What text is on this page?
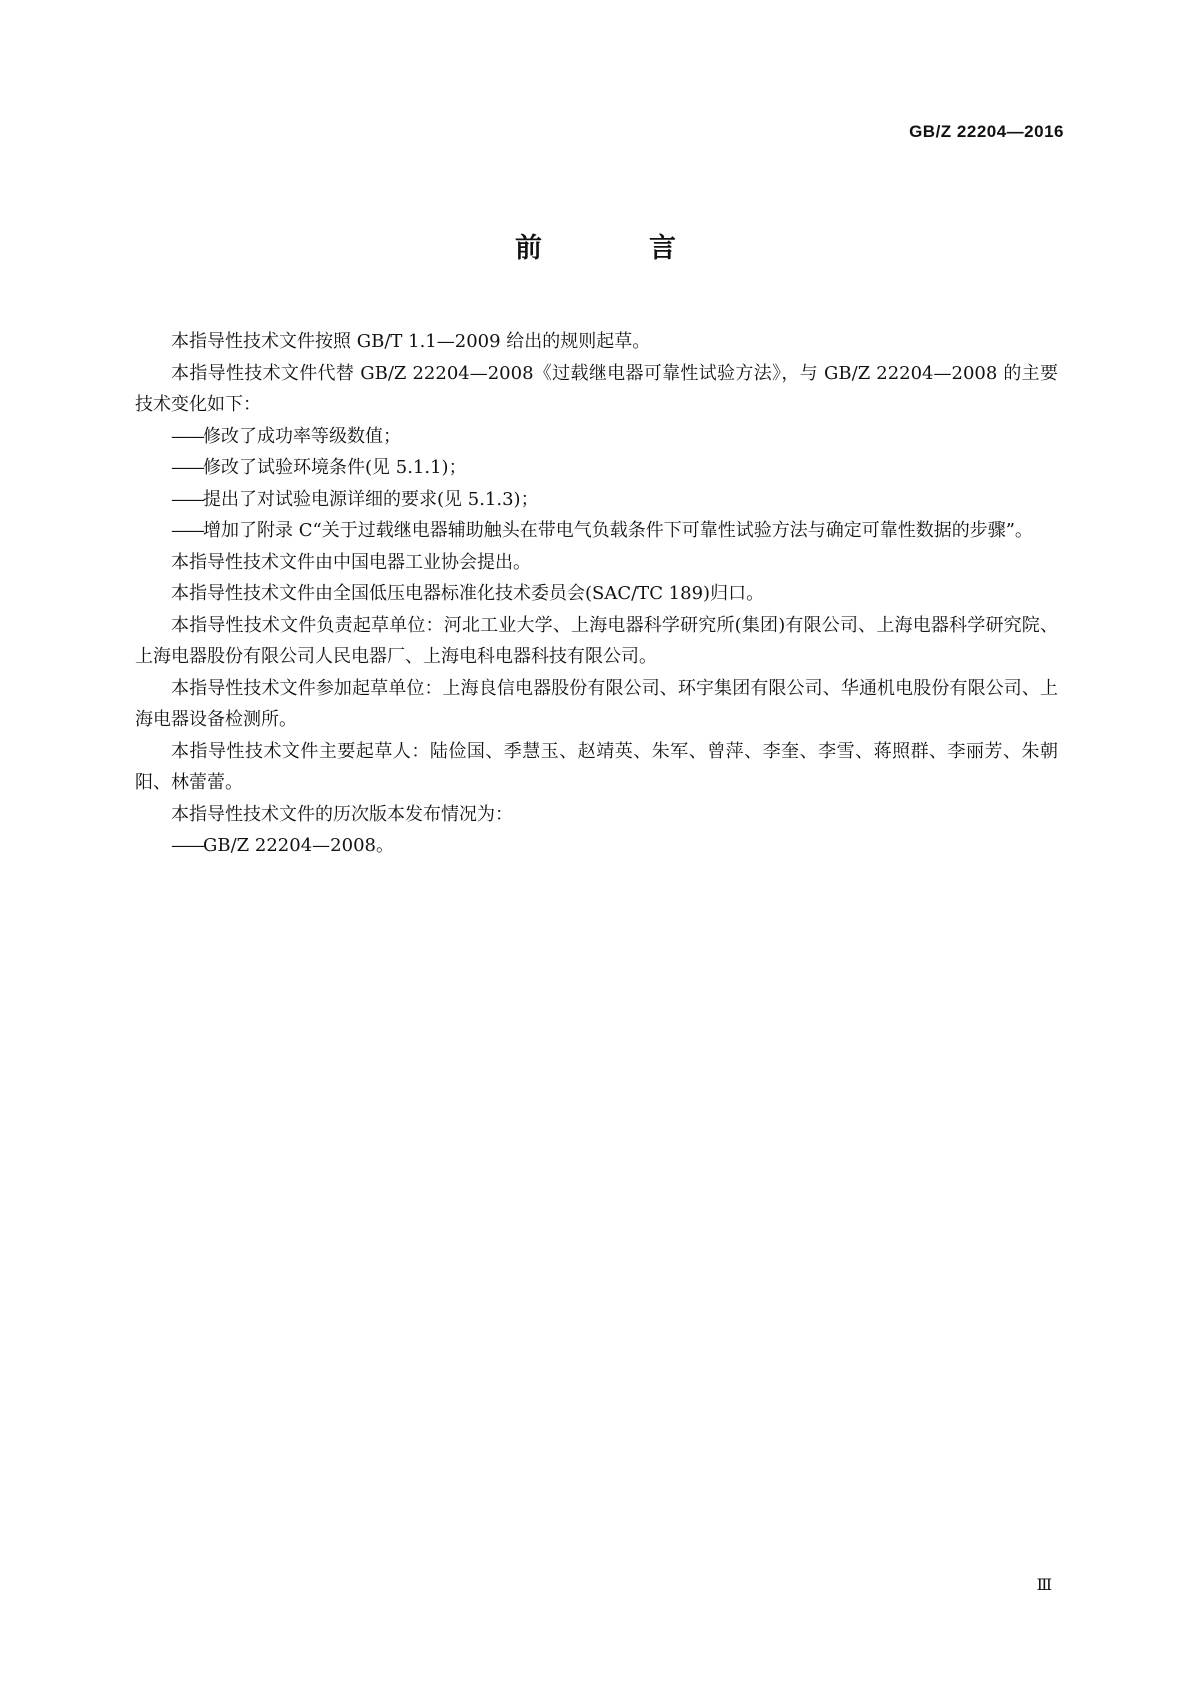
GB/Z 22204—2016
前　言

本指导性技术文件按照 GB/T 1.1—2009 给出的规则起草。

本指导性技术文件代替 GB/Z 22204—2008《过载继电器可靠性试验方法》，与 GB/Z 22204—2008 的主要技术变化如下：

——修改了成功率等级数值；

——修改了试验环境条件(见 5.1.1)；

——提出了对试验电源详细的要求(见 5.1.3)；

——增加了附录 C“关于过载继电器辅助触头在带电气负载条件下可靠性试验方法与确定可靠性数据的步骤”。

本指导性技术文件由中国电器工业协会提出。

本指导性技术文件由全国低压电器标准化技术委员会(SAC/TC 189)归口。

本指导性技术文件负责起草单位：河北工业大学、上海电器科学研究所(集团)有限公司、上海电器科学研究院、上海电器股份有限公司人民电器厂、上海电科电器科技有限公司。

本指导性技术文件参加起草单位：上海良信电器股份有限公司、环宇集团有限公司、华通机电股份有限公司、上海电器设备检测所。

本指导性技术文件主要起草人：陆俭国、季慧玉、赵靖英、朱军、曾萍、李奎、李雪、蒋照群、李丽芳、朱朝阳、林蕾蕾。

本指导性技术文件的历次版本发布情况为：

——GB/Z 22204—2008。

Ⅲ
